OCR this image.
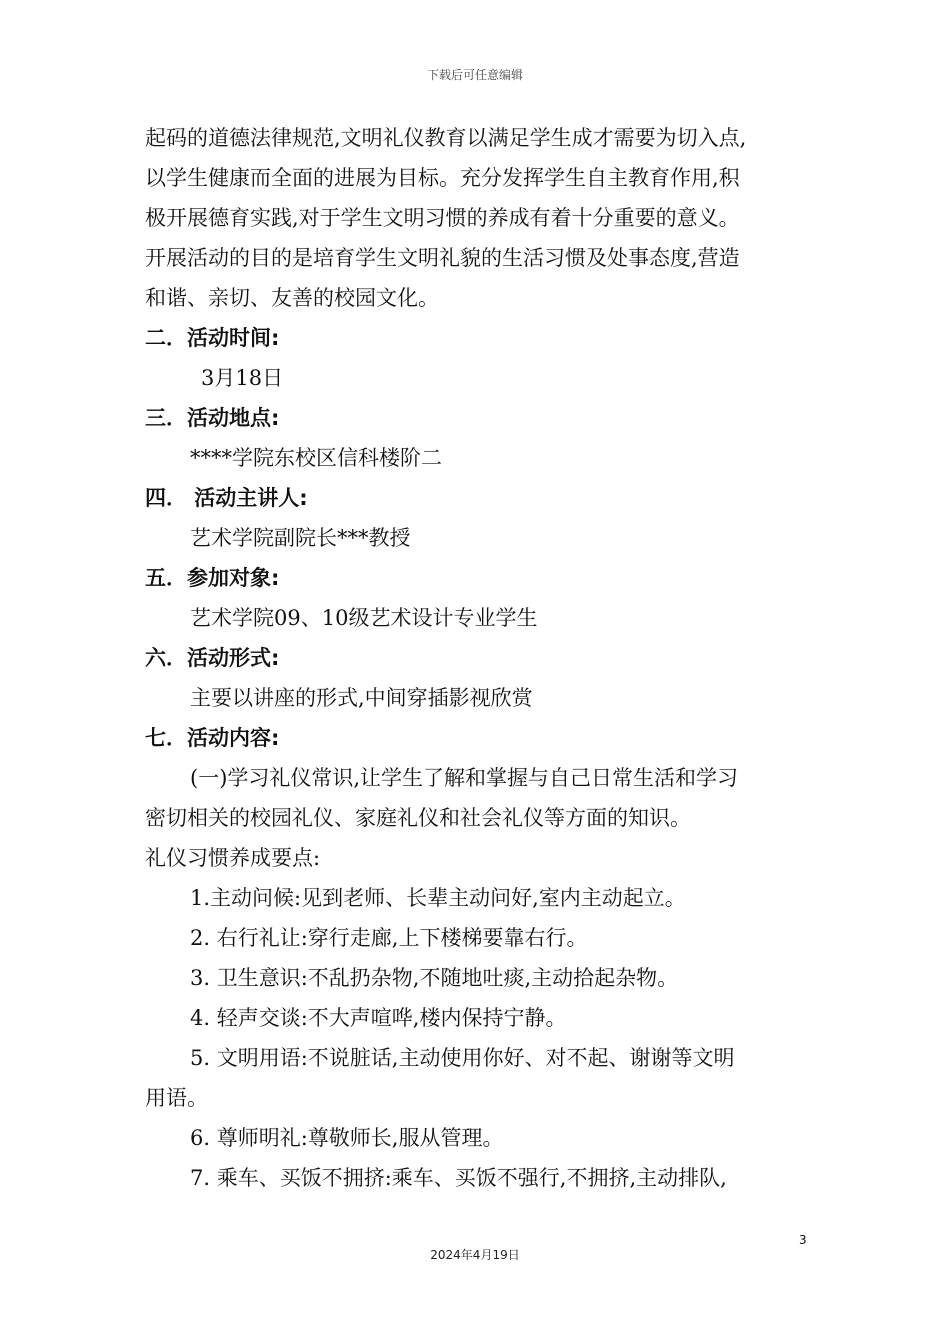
下载后可任意编辑
起码的道德法律规范,文明礼仪教育以满足学生成才需要为切入点,
以学生健康而全面的进展为目标。充分发挥学生自主教育作用,积
极开展德育实践,对于学生文明习惯的养成有着十分重要的意义。
开展活动的目的是培育学生文明礼貌的生活习惯及处事态度,营造
和谐、亲切、友善的校园文化。
二．活动时间:
3月18日
三．活动地点:
****学院东校区信科楼阶二
四． 活动主讲人:
艺术学院副院长***教授
五．参加对象:
艺术学院09、10级艺术设计专业学生
六．活动形式:
主要以讲座的形式,中间穿插影视欣赏
七．活动内容:
(一)学习礼仪常识,让学生了解和掌握与自己日常生活和学习
密切相关的校园礼仪、家庭礼仪和社会礼仪等方面的知识。
礼仪习惯养成要点:
1.主动问候:见到老师、长辈主动问好,室内主动起立。
2. 右行礼让:穿行走廊,上下楼梯要靠右行。
3. 卫生意识:不乱扔杂物,不随地吐痰,主动拾起杂物。
4. 轻声交谈:不大声喧哗,楼内保持宁静。
5. 文明用语:不说脏话,主动使用你好、对不起、谢谢等文明
用语。
6. 尊师明礼:尊敬师长,服从管理。
7. 乘车、买饭不拥挤:乘车、买饭不强行,不拥挤,主动排队,
3
2024年4月19日
